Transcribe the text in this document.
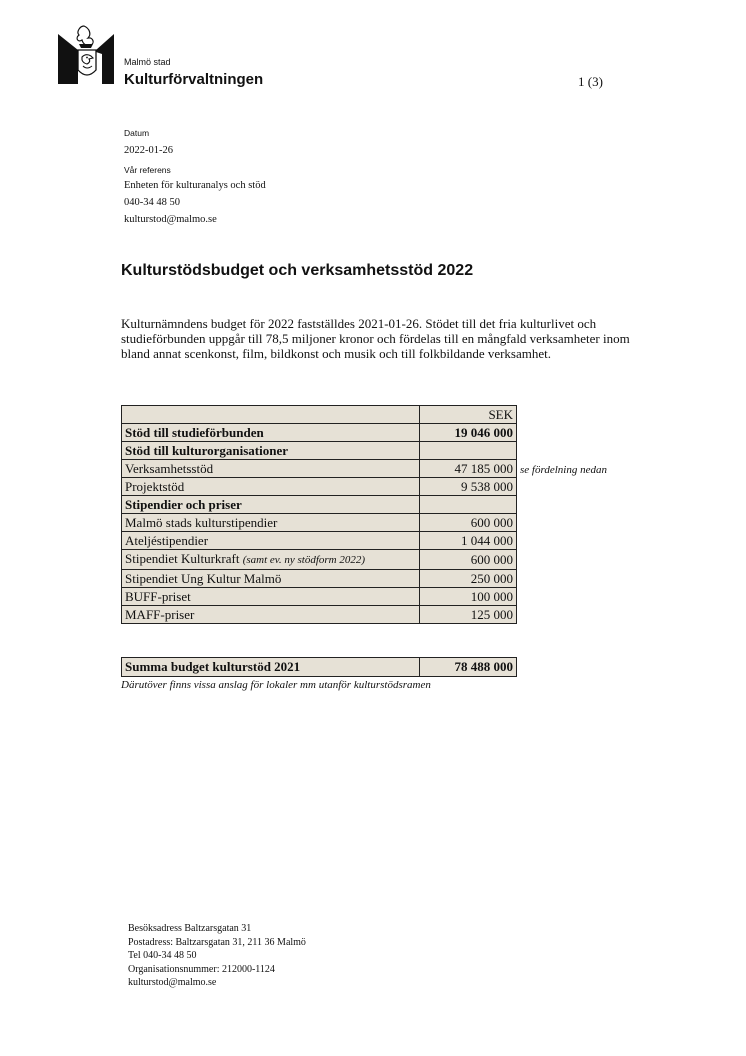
Malmö stad
Kulturförvaltningen	1 (3)
Datum
2022-01-26
Vår referens
Enheten för kulturanalys och stöd
040-34 48 50
kulturstod@malmo.se
Kulturstödsbudget och verksamhetsstöd 2022
Kulturnämndens budget för 2022 fastställdes 2021-01-26. Stödet till det fria kulturlivet och studieförbunden uppgår till 78,5 miljoner kronor och fördelas till en mångfald verksamheter inom bland annat scenkonst, film, bildkonst och musik och till folkbildande verksamhet.
	SEK
Stöd till studieförbunden	19 046 000
Stöd till kulturorganisationer	
Verksamhetsstöd	47 185 000
Projektstöd	9 538 000
Stipendier och priser	
Malmö stads kulturstipendier	600 000
Ateljéstipendier	1 044 000
Stipendiet Kulturkraft (samt ev. ny stödform 2022)	600 000
Stipendiet Ung Kultur Malmö	250 000
BUFF-priset	100 000
MAFF-priser	125 000
se fördelning nedan
Summa budget kulturstöd 2021	78 488 000
Därutöver finns vissa anslag för lokaler mm utanför kulturstödsramen
Besöksadress Baltzarsgatan 31
Postadress: Baltzarsgatan 31, 211 36 Malmö
Tel 040-34 48 50
Organisationsnummer: 212000-1124
kulturstod@malmo.se
